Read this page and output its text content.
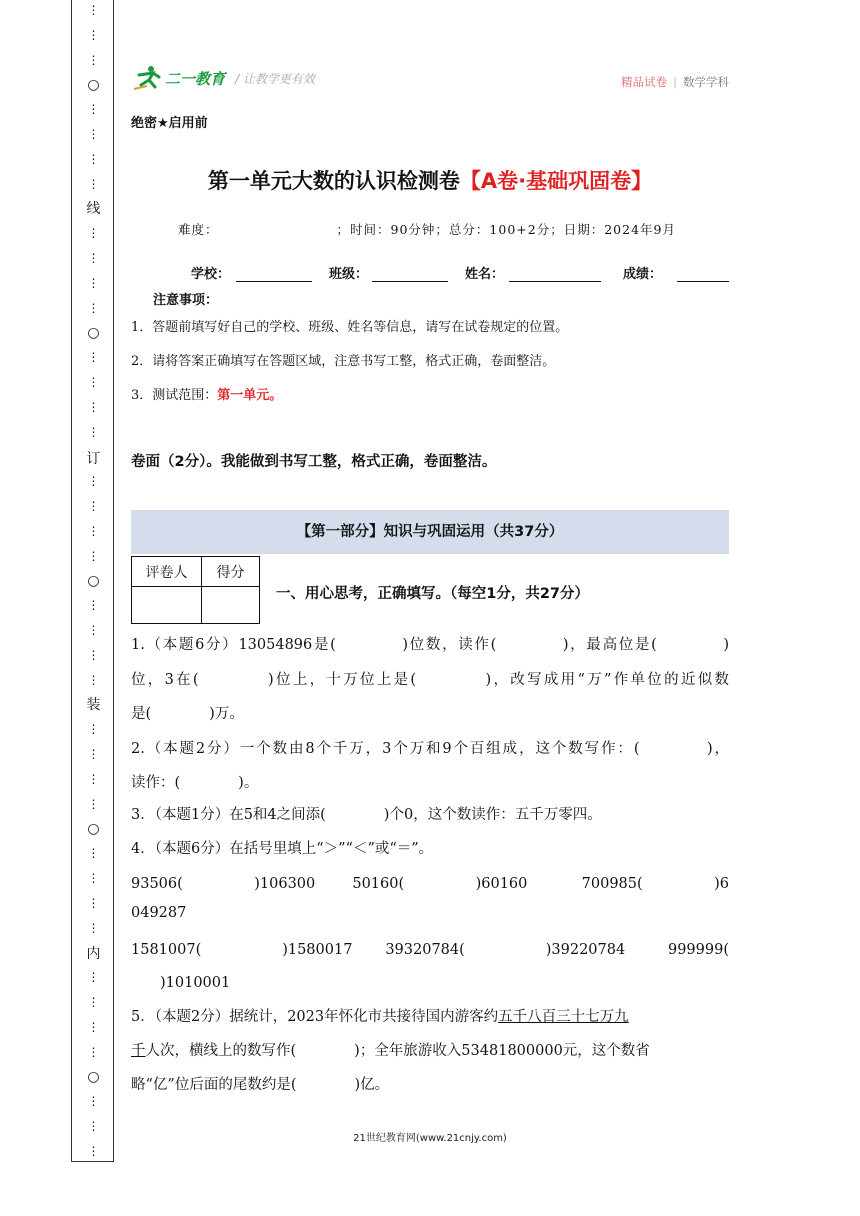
⋮
⋮
⋮
⋮
⋮
⋮
⋮
⋮
⋮
⋮
⋮
⋮
⋮
⋮
⋮
⋮
⋮
⋮
⋮
⋮
⋮
⋮
⋮
⋮
⋮
⋮
⋮
⋮
⋮
⋮
⋮
⋮
⋮
⋮
⋮
⋮
⋮
⋮
○
○
○
○
○
线
订
装
内
二一教育 / 让教学更有效	精品试卷 | 数学学科
绝密★启用前
第一单元大数的认识检测卷【A卷·基础巩固卷】
难度：	；时间：90分钟；总分：100+2分；日期：2024年9月
学校：	班级：	姓名：	成绩：
注意事项：
1．答题前填写好自己的学校、班级、姓名等信息，请写在试卷规定的位置。
2．请将答案正确填写在答题区域，注意书写工整，格式正确，卷面整洁。
3．测试范围：第一单元。
卷面（2分）。我能做到书写工整，格式正确，卷面整洁。
【第一部分】知识与巩固运用（共37分）
评卷人	得分

一、用心思考，正确填写。（每空1分，共27分）
1.（本题6分）13054896是(　　　　)位数，读作(　　　　)，最高位是(　　　　)
位，3在(　　　　)位上，十万位上是(　　　　)，改写成用“万”作单位的近似数
是(　　　　)万。
2.（本题2分）一个数由8个千万，3个万和9个百组成，这个数写作：(　　　　)，
读作：(　　　　)。
3．（本题1分）在5和4之间添(　　　　)个0，这个数读作：五千万零四。
4．（本题6分）在括号里填上“＞”“＜”或“＝”。
93506(　　　　)106300　　50160(　　　　)60160　　　700985(　　　　)6
049287
1581007(　　　　)1580017　 39320784(　　　　)39220784　　999999(
　　)1010001
5．（本题2分）据统计，2023年怀化市共接待国内游客约五千八百三十七万九
千人次，横线上的数写作(　　　　)；全年旅游收入53481800000元，这个数省
略“亿”位后面的尾数约是(　　　　)亿。
21世纪教育网(www.21cnjy.com)
